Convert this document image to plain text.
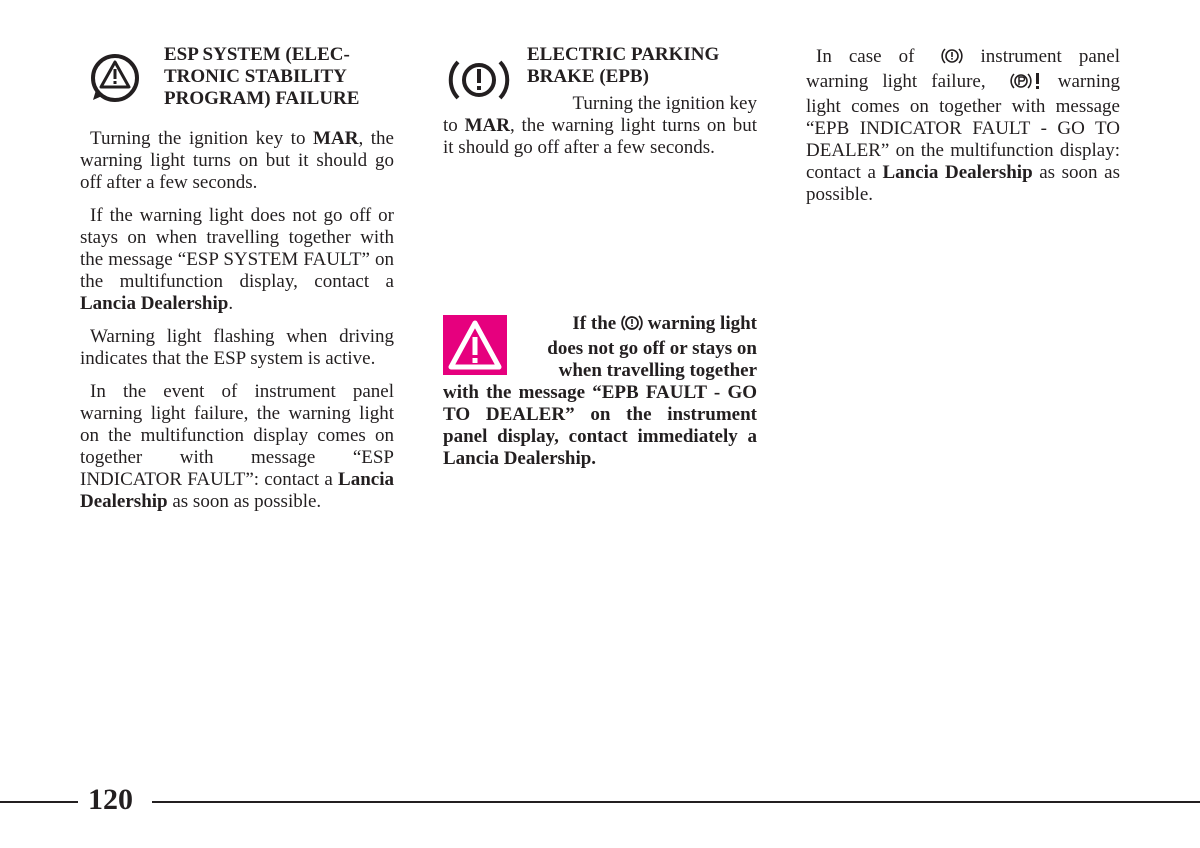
ESP SYSTEM (ELEC-
TRONIC STABILITY
PROGRAM) FAILURE

Turning the ignition key to MAR, the warning light turns on but it should go off after a few seconds.

If the warning light does not go off or stays on when travelling together with the message “ESP SYSTEM FAULT” on the multifunction display, contact a Lancia Dealership.

Warning light flashing when driving indicates that the ESP system is active.

In the event of instrument panel warning light failure, the warning light on the multifunction display comes on together with message “ESP INDICATOR FAULT”: contact a Lancia Dealership as soon as possible.

ELECTRIC PARKING
BRAKE (EPB)

Turning the ignition key
to MAR, the warning light turns on but it should go off after a few seconds.

If the warning light
does not go off or stays on
when travelling together
with the message “EPB FAULT - GO TO DEALER” on the instrument panel display, contact immediately a Lancia Dealership.

In case of	instrument panel warning light failure,	warning light comes on together with message “EPB INDICATOR FAULT - GO TO DEALER” on the multifunction display: contact a Lancia Dealership as soon as possible.

120
